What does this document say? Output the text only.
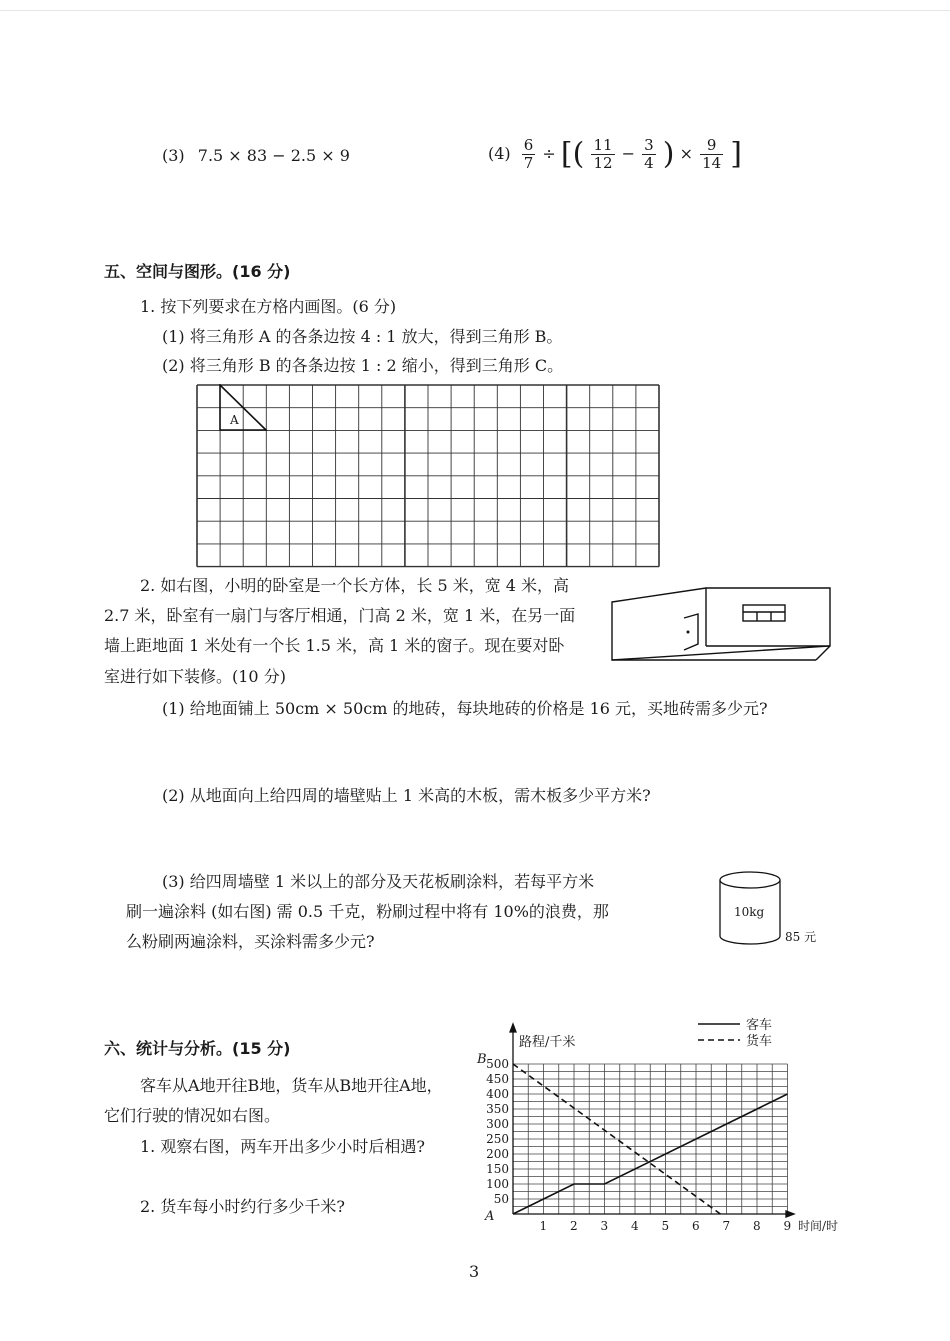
(3) 7.5 × 83 − 2.5 × 9	$(4) \frac{6}{7}$ ÷ [( $\frac{11}{12} - \frac{3}{4}$ ) × $\frac{9}{14}$ ]
五、空间与图形。(16 分)
1. 按下列要求在方格内画图。(6 分)
(1) 将三角形 A 的各条边按 4 : 1 放大，得到三角形 B。
(2) 将三角形 B 的各条边按 1 : 2 缩小，得到三角形 C。
A
2. 如右图，小明的卧室是一个长方体，长 5 米，宽 4 米，高
2.7 米，卧室有一扇门与客厅相通，门高 2 米，宽 1 米，在另一面
墙上距地面 1 米处有一个长 1.5 米，高 1 米的窗子。现在要对卧
室进行如下装修。(10 分)
(1) 给地面铺上 50cm × 50cm 的地砖，每块地砖的价格是 16 元，买地砖需多少元?
(2) 从地面向上给四周的墙壁贴上 1 米高的木板，需木板多少平方米?
(3) 给四周墙壁 1 米以上的部分及天花板刷涂料，若每平方米
刷一遍涂料 (如右图) 需 0.5 千克，粉刷过程中将有 10%的浪费，那
么粉刷两遍涂料，买涂料需多少元?
10kg
85 元
六、统计与分析。(15 分)
客车从A地开往B地，货车从B地开往A地，
它们行驶的情况如右图。
1. 观察右图，两车开出多少小时后相遇?
2. 货车每小时约行多少千米?
1 2 3 4 5 6 7 8 9
50
100
150
200
250
300
350
400
450
500
路程/千米
时间/时
B
A
客车
货车
3
